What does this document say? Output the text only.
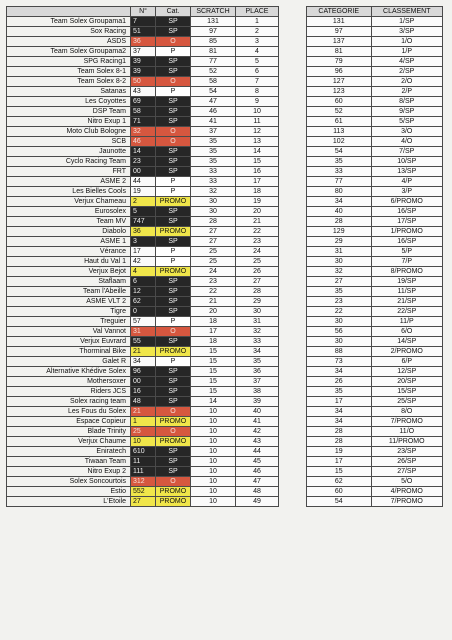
	N°	Cat.	SCRATCH	PLACE
Team Solex Groupama1	7	SP	131	1
Sox Racing	51	SP	97	2
ASDS	36	O	85	3
Team Solex Groupama2	37	P	81	4
SPG Racing1	39	SP	77	5
Team Solex 8-1	39	SP	52	6
Team Solex 8-2	50	O	58	7
Satanas	43	P	54	8
Les Coyottes	69	SP	47	9
DSP Team	58	SP	46	10
Nitro Exup 1	71	SP	41	11
Moto Club Bologne	32	O	37	12
SCB	46	O	35	13
Jaunotte	14	SP	35	14
Cyclo Racing Team	23	SP	35	15
FRT	00	SP	33	16
ASME 2	44	P	33	17
Les Bielles Cools	19	P	32	18
Verjux Chameau	2	PROMO	30	19
Eurosolex	5	SP	30	20
Team MV	747	SP	28	21
Diabolo	36	PROMO	27	22
ASME 1	3	SP	27	23
Vérance	17	P	25	24
Haut du Val 1	42	P	25	25
Verjux Bejot	4	PROMO	24	26
Staflaam	6	SP	23	27
Team l'Abeille	12	SP	22	28
ASME VLT 2	62	SP	21	29
Tigre	0	SP	20	30
Treguier	57	P	18	31
Val Vannot	31	O	17	32
Verjux Euvrard	55	SP	18	33
Thorminal Bike	21	PROMO	15	34
Galet R	34	P	15	35
Alternative Khédive Solex	96	SP	15	36
Mothersoxer	00	SP	15	37
Riders JCS	16	SP	15	38
Solex racing team	48	SP	14	39
Les Fous du Solex	21	O	10	40
Espace Copieur	1	PROMO	10	41
Blade Trinity	25	O	10	42
Verjux Chaume	10	PROMO	10	43
Eniratech	610	SP	10	44
Tiwaan Team	11	SP	10	45
Nitro Exup 2	111	SP	10	46
Solex Soncourtois	312	O	10	47
Estio	552	PROMO	10	48
L'Etoile	27	PROMO	10	49
CATEGORIE	CLASSEMENT
131	1/SP
97	3/SP
137	1/O
81	1/P
79	4/SP
96	2/SP
127	2/O
123	2/P
60	8/SP
52	9/SP
61	5/SP
113	3/O
102	4/O
54	7/SP
35	10/SP
33	13/SP
77	4/P
80	3/P
34	6/PROMO
40	16/SP
28	17/SP
129	1/PROMO
29	16/SP
31	5/P
30	7/P
32	8/PROMO
27	19/SP
35	11/SP
23	21/SP
22	22/SP
30	11/P
56	6/O
30	14/SP
88	2/PROMO
73	6/P
34	12/SP
26	20/SP
35	15/SP
17	25/SP
34	8/O
34	7/PROMO
28	11/O
28	11/PROMO
19	23/SP
17	26/SP
15	27/SP
62	5/O
60	4/PROMO
54	7/PROMO
